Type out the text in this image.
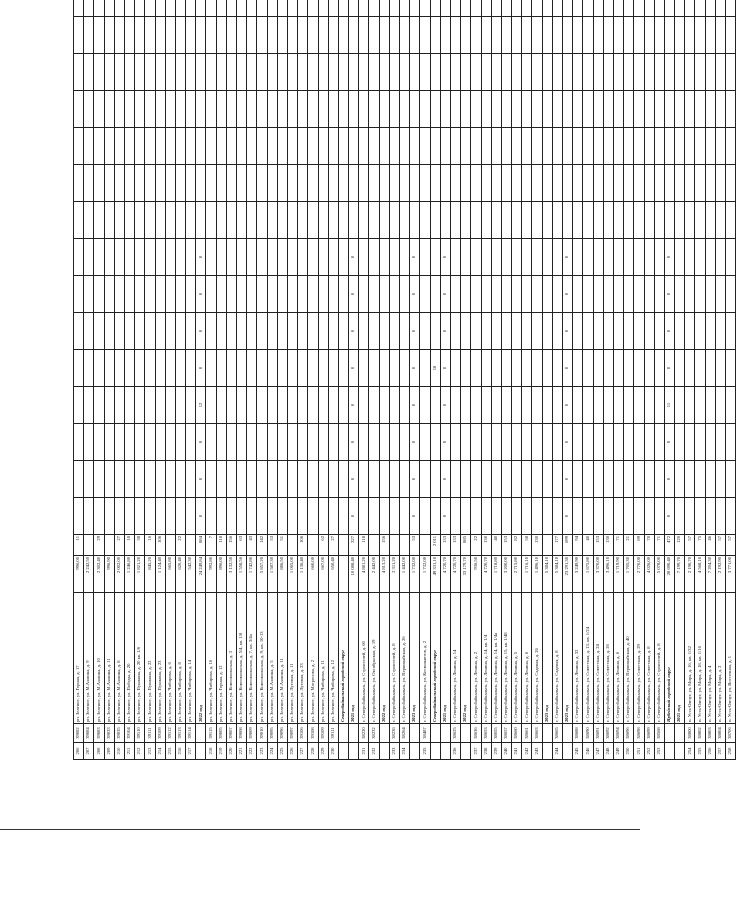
206	39082	рп. Зеленое, ул. Горная, д. 17	996,00	11																
207	39084	рп. Зеленое, ул. М.Ахмина, д. 9	2 242,50																	
208	39083	рп. Зеленое, ул. М.Ахмина, д. 10	2 302,40	29																
209	39033	рп. Зеленое, ул. М.Ахмина, д. 11	996,90																	
210	39035	рп. Зеленое, ул. М.Ахмина, д. 8	2 002,00	27																
211	39104	рп. Зеленое, ул. Победы, д. 20	1 246,80	18																
212	39110	рп. Зеленое, ул. Пушкина, д. 20 кв. 1/6	1 821,20	38																
213	39111	рп. Зеленое, ул. Пушкина, д. 22	845,20	16																
214	39109	рп. Зеленое, ул. Пушкина, д. 23	1 124,40	106																
215	39112	рп. Зеленое, ул. Чибирова, д. 6	665,80																	
216	39113	рп. Зеленое, ул. Чибирова, д. 8	620,40	22																
217	39114	рп. Зеленое, ул. Чибирова, д. 14	542,30																	
		2022 год	24 249,84	884	0	0	0	12	0	0	0	0								
218	39115	рп. Зеленое, ул. Чибирова, д. 16	992,80	7																
219	39005	рп. Зеленое, ул. Горная, д. 12	896,00	118																
220	39007	рп. Зеленое, ул. Комсомольская, д. 3	3 132,50	156																
221	39008	рп. Зеленое, ул. Комсомольская, д. 5/4, кв. 1/8	1 558,56	63																
222	39009	рп. Зеленое, ул. Комсомольская, д. 7, кв. 3/4а	1 742,80	43																
223	39010	рп. Зеленое, ул. Комсомольская, д. 9, кв. 10-13	5 857,20	142																
224	39095	рп. Зеленое, ул. М.Ахмина, д. 5	1 587,30	53																
225	39096	рп. Зеленое, ул. М.Ахмина, д. 11	886,50	51																
226	39097	рп. Зеленое, ул. Луговая, д. 11	1 065,00																	
227	39106	рп. Зеленое, ул. Луговая, д. 23	1 136,40	106																
228	39108	рп. Зеленое, ул. Матросова, д. 2	660,00																	
229	39109	рп. Зеленое, ул. Чибирова, д. 11	667,00	62																
230	39111	рп. Зеленое, ул. Чибирова, д. 12	650,40	27																
		Северобайкальский городской округ																		
		2021 год	10 088,40	327	0	0	0	0	0	0	0	0								
231	38220	г. Северобайкальск, ул. Строителей, д. 60	4 881,20	118																
232	38232	г. Северобайкальск, ул. Октябрьская, д. 19	2 442,00																	
		2022 год	4 813,20	156																
233	38236	г. Северобайкальск, ул. Строителей, д. 8	2 311,20																	
234	38264	г. Северобайкальск, ул. Первомайская, д. 26	1 442,00																	
		2023 год	1 732,00	53	0	0	0	0	0	0	0	0								
235	38487	г. Северобайкальск, ул. Космонавтов, д. 2	1 732,00																	
		Северобайкальский городской округ	49 331,10	2 011					18											
		2021 год	4 720,70	133	0	0	0	0	0	0	0	0								
236	38625	г. Северобайкальск, ул. Ленина, д. 14	4 720,70	133																
		2022 год	33 179,70	885																
237	38636	г. Северобайкальск, ул. Ленина, д. 2	936,50	22																
238	38653	г. Северобайкальск, ул. Ленина, д. 14, кв. 1/4	4 720,70	130																
239	38655	г. Северобайкальск, ул. Ленина, д. 14, кв. 1/4а	1 718,80	40																
240	38657	г. Северобайкальск, ул. Ленина, д. 15, кв. 1/48	3 200,00	153																
241	38660	г. Северобайкальск, ул. Ленина, д. 5	2 715,80	82																
242	38661	г. Северобайкальск, ул. Ленина, д. 6	1 716,10	58																
243	38663	г. Северобайкальск, ул. Садовая, д. 26	1 496,10	130																
		2023 год	5 384,10																	
244	38665	г. Северобайкальск, ул. Садовая, д. 8	5 384,10	177																
		2023 год	23 291,30	699	0	0	0	0	0	0	0	0								
245	38688	г. Северобайкальск, ул. Ленина, д. 32	3 249,90	94																
246	38690	г. Северобайкальск, ул. Советская, д. 13, кв. 1/24	1 675,80	40																
247	38691	г. Северобайкальск, ул. Советская, д. 24	3 370,00	153																
248	38692	г. Северобайкальск, ул. Советская, д. 26	3 496,10	130																
249	38694	г. Северобайкальск, ул. Ленина, д. 6	1 719,90	71																
250	38696	г. Северобайкальск, ул. Первомайская, д. 40	1 705,30	21																
251	38698	г. Северобайкальск, ул. Советская, д. 29	2 770,00	89																
252	38699	г. Северобайкальск, ул. Советская, д. 8	4 026,00	70																
253	38568	г. Северобайкальск, ул. Строителей, д. 8	5 078,00	71																
		Ирбейский городской округ	28 690,40	472	0	0	0	11	0	0	0	0								
		2021 год	7 199,70	120																
254	38800	п. Усть-Омчуг, ул. Мира, д. 16, кв. 1/32	2 190,70	57																
255	38802	п. Усть-Омчуг, ул. Мира, д. 18, кв. 1/16	4 568,10	75																
256	38803	п. Усть-Омчуг, ул. Мира, д. 4	7 204,30	46																
257	38804	п. Усть-Омчуг, ул. Мира, д. 2	2 192,90	57																
258	38706	п. Усть-Омчуг, ул. Восточная, д. 1	3 771,00	57																
